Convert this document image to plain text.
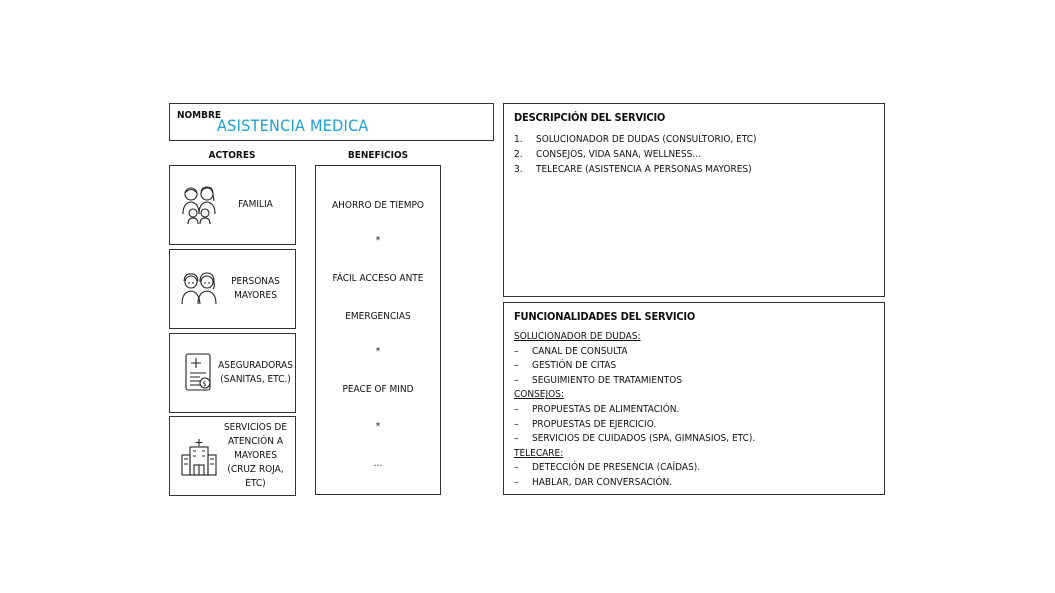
NOMBRE
ASISTENCIA MEDICA
ACTORES	BENEFICIOS
FAMILIA
PERSONAS MAYORES
$
ASEGURADORAS (SANITAS, ETC.)
SERVICIOS DE ATENCIÓN A MAYORES (CRUZ ROJA, ETC)
AHORRO DE TIEMPO
*
FÁCIL ACCESO ANTE
EMERGENCIAS
*
PEACE OF MIND
*
…
DESCRIPCIÓN DEL SERVICIO
1. SOLUCIONADOR DE DUDAS (CONSULTORIO, ETC)
2. CONSEJOS, VIDA SANA, WELLNESS…
3. TELECARE (ASISTENCIA A PERSONAS MAYORES)
FUNCIONALIDADES DEL SERVICIO
SOLUCIONADOR DE DUDAS:
– CANAL DE CONSULTA
– GESTIÓN DE CITAS
– SEGUIMIENTO DE TRATAMIENTOS
CONSEJOS:
– PROPUESTAS DE ALIMENTACIÓN.
– PROPUESTAS DE EJERCICIO.
– SERVICIOS DE CUIDADOS (SPA, GIMNASIOS, ETC).
TELECARE:
– DETECCIÓN DE PRESENCIA (CAÍDAS).
– HABLAR, DAR CONVERSACIÓN.
